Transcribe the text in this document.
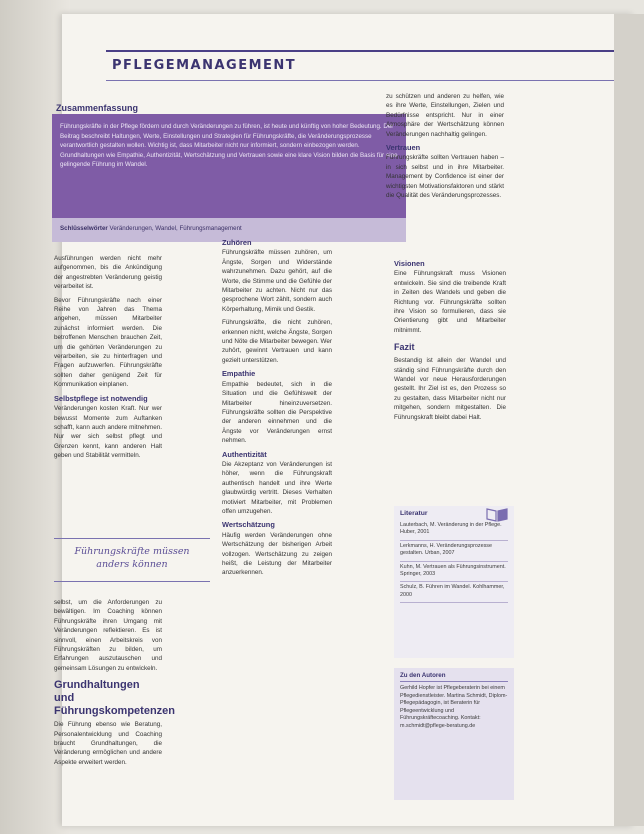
PFLEGEMANAGEMENT
Zusammenfassung

Führungskräfte in der Pflege fördern und durch Veränderungen zu führen, ist heute und künftig von hoher Bedeutung. Der Beitrag beschreibt Haltungen, Werte, Einstellungen und Strategien für Führungskräfte, die Veränderungsprozesse verantwortlich gestalten wollen. Wichtig ist, dass Mitarbeiter nicht nur informiert, sondern einbezogen werden. Grundhaltungen wie Empathie, Authentizität, Wertschätzung und Vertrauen sowie eine klare Vision bilden die Basis für eine gelingende Führung im Wandel.

Schlüsselwörter Veränderungen, Wandel, Führungsmanagement

Ausführungen werden nicht mehr aufgenommen, bis die Ankündigung der angestrebten Veränderung geistig verarbeitet ist.

Bevor Führungskräfte nach einer Reihe von Jahren das Thema angehen, müssen Mitarbeiter zunächst informiert werden. Die betroffenen Menschen brauchen Zeit, um die gehörten Veränderungen zu verarbeiten, sie zu hinterfragen und Fragen aufzuwerfen. Führungskräfte sollten daher genügend Zeit für Kommunikation einplanen.

Selbstpflege ist notwendig

Veränderungen kosten Kraft. Nur wer bewusst Momente zum Auftanken schafft, kann auch andere mitnehmen. Nur wer sich selbst pflegt und Grenzen kennt, kann anderen Halt geben und Stabilität vermitteln.

Führungskräfte müssen
anders können

selbst, um die Anforderungen zu bewältigen. Im Coaching können Führungskräfte ihren Umgang mit Veränderungen reflektieren. Es ist sinnvoll, einen Arbeitskreis von Führungskräften zu bilden, um Erfahrungen auszutauschen und gemeinsam Lösungen zu entwickeln.

Grundhaltungen und Führungskompetenzen

Die Führung ebenso wie Beratung, Personalentwicklung und Coaching braucht Grundhaltungen, die Veränderung ermöglichen und andere Aspekte erweitert werden.

Zuhören

Führungskräfte müssen zuhören, um Ängste, Sorgen und Widerstände wahrzunehmen. Dazu gehört, auf die Worte, die Stimme und die Gefühle der Mitarbeiter zu achten. Nicht nur das gesprochene Wort zählt, sondern auch Körperhaltung, Mimik und Gestik.

Führungskräfte, die nicht zuhören, erkennen nicht, welche Ängste, Sorgen und Nöte die Mitarbeiter bewegen. Wer zuhört, gewinnt Vertrauen und kann gezielt unterstützen.

Empathie

Empathie bedeutet, sich in die Situation und die Gefühlswelt der Mitarbeiter hineinzuversetzen. Führungskräfte sollten die Perspektive der anderen einnehmen und die Ängste vor Veränderungen ernst nehmen.

Authentizität

Die Akzeptanz von Veränderungen ist höher, wenn die Führungskraft authentisch handelt und ihre Werte glaubwürdig vertritt. Dieses Verhalten motiviert Mitarbeiter, mit Problemen offen umzugehen.

Wertschätzung

Häufig werden Veränderungen ohne Wertschätzung der bisherigen Arbeit vollzogen. Wertschätzung zu zeigen heißt, die Leistung der Mitarbeiter anzuerkennen.

zu schützen und anderen zu helfen, wie es ihre Werte, Einstellungen, Zielen und Bedürfnisse entspricht. Nur in einer Atmosphäre der Wertschätzung können Veränderungen nachhaltig gelingen.

Vertrauen

Führungskräfte sollten Vertrauen haben – in sich selbst und in ihre Mitarbeiter. Management by Confidence ist einer der wichtigsten Motivationsfaktoren und stärkt die Qualität des Veränderungsprozesses.

Visionen

Eine Führungskraft muss Visionen entwickeln. Sie sind die treibende Kraft in Zeiten des Wandels und geben die Richtung vor. Führungskräfte sollten ihre Vision so formulieren, dass sie Orientierung gibt und Mitarbeiter mitnimmt.

Fazit

Bestandig ist allein der Wandel und ständig sind Führungskräfte durch den Wandel vor neue Herausforderungen gestellt. Ihr Ziel ist es, den Prozess so zu gestalten, dass Mitarbeiter nicht nur mitgehen, sondern mitgestalten. Die Führungskraft bleibt dabei Halt.

Literatur
Lauterbach, M. Veränderung in der Pflege. Huber, 2001
Lerkmanns, H. Veränderungsprozesse gestalten. Urban, 2007
Kuhn, M. Vertrauen als Führungsinstrument. Springer, 2003
Schulz, B. Führen im Wandel. Kohlhammer, 2000
Zu den Autoren

Gerhild Hopfer ist Pflegeberaterin bei einem Pflegedienstleister. Martina Schmidt, Diplom-Pflegepädagogin, ist Beraterin für Pflegeentwicklung und Führungskräftecoaching. Kontakt: m.schmidt@pflege-beratung.de
